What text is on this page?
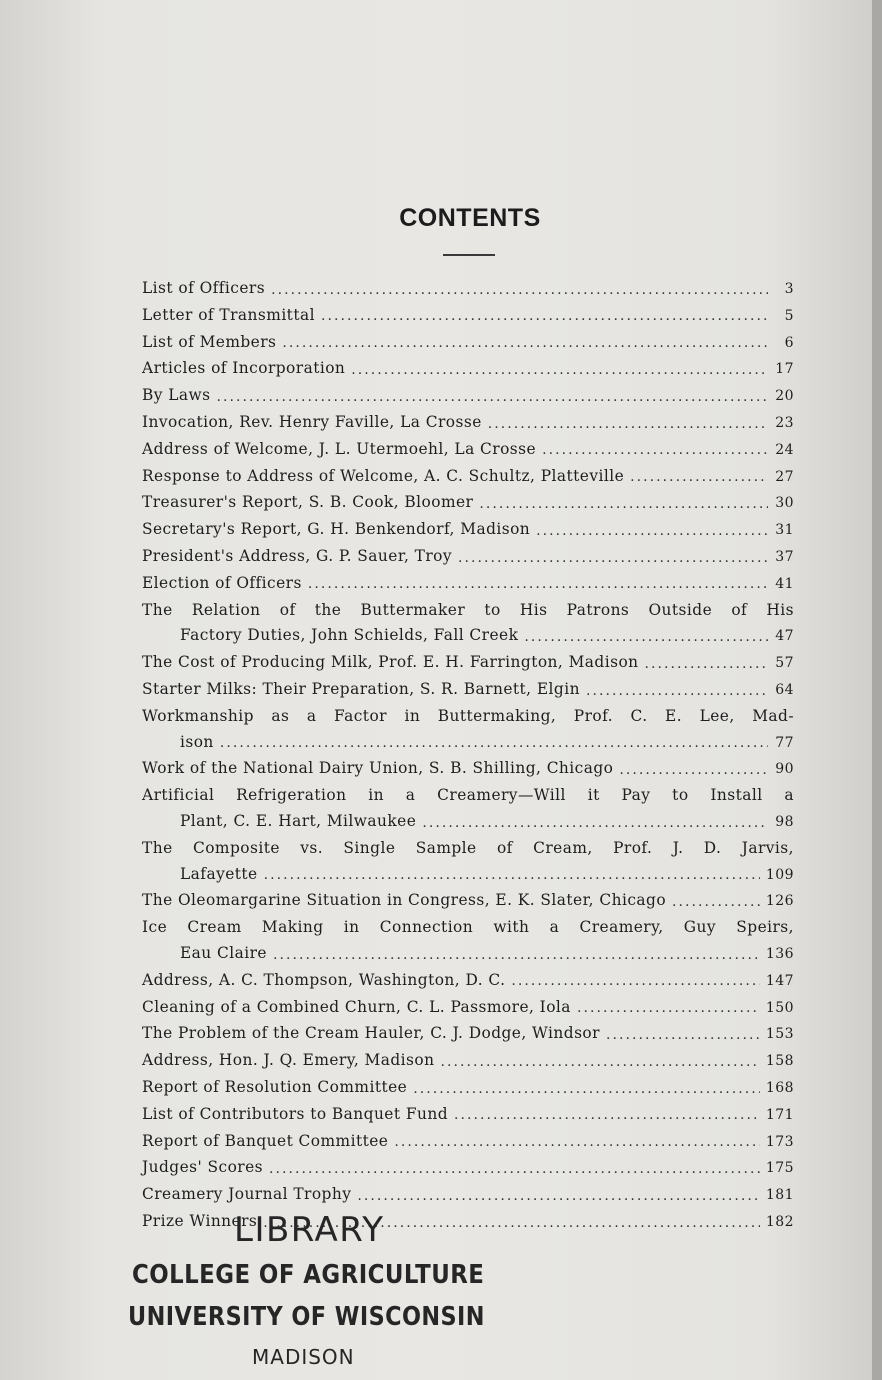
CONTENTS
List of Officers . . .	3
Letter of Transmittal . . .	5
List of Members . . .	6
Articles of Incorporation . . .	17
By Laws . . .	20
Invocation, Rev. Henry Faville, La Crosse . . .	23
Address of Welcome, J. L. Utermoehl, La Crosse . . .	24
Response to Address of Welcome, A. C. Schultz, Platteville . . .	27
Treasurer's Report, S. B. Cook, Bloomer . . .	30
Secretary's Report, G. H. Benkendorf, Madison . . .	31
President's Address, G. P. Sauer, Troy . . .	37
Election of Officers . . .	41
The Relation of the Buttermaker to His Patrons Outside of His
Factory Duties, John Schields, Fall Creek . . .	47
The Cost of Producing Milk, Prof. E. H. Farrington, Madison . . .	57
Starter Milks: Their Preparation, S. R. Barnett, Elgin . . .	64
Workmanship as a Factor in Buttermaking, Prof. C. E. Lee, Mad-
ison . . .	77
Work of the National Dairy Union, S. B. Shilling, Chicago . . .	90
Artificial Refrigeration in a Creamery—Will it Pay to Install a
Plant, C. E. Hart, Milwaukee . . .	98
The Composite vs. Single Sample of Cream, Prof. J. D. Jarvis,
Lafayette . . .	109
The Oleomargarine Situation in Congress, E. K. Slater, Chicago . . .	126
Ice Cream Making in Connection with a Creamery, Guy Speirs,
Eau Claire . . .	136
Address, A. C. Thompson, Washington, D. C. . . .	147
Cleaning of a Combined Churn, C. L. Passmore, Iola . . .	150
The Problem of the Cream Hauler, C. J. Dodge, Windsor . . .	153
Address, Hon. J. Q. Emery, Madison . . .	158
Report of Resolution Committee . . .	168
List of Contributors to Banquet Fund . . .	171
Report of Banquet Committee . . .	173
Judges' Scores . . .	175
Creamery Journal Trophy . . .	181
Prize Winners . . .	182
LIBRARY
COLLEGE OF AGRICULTURE
UNIVERSITY OF WISCONSIN
MADISON
